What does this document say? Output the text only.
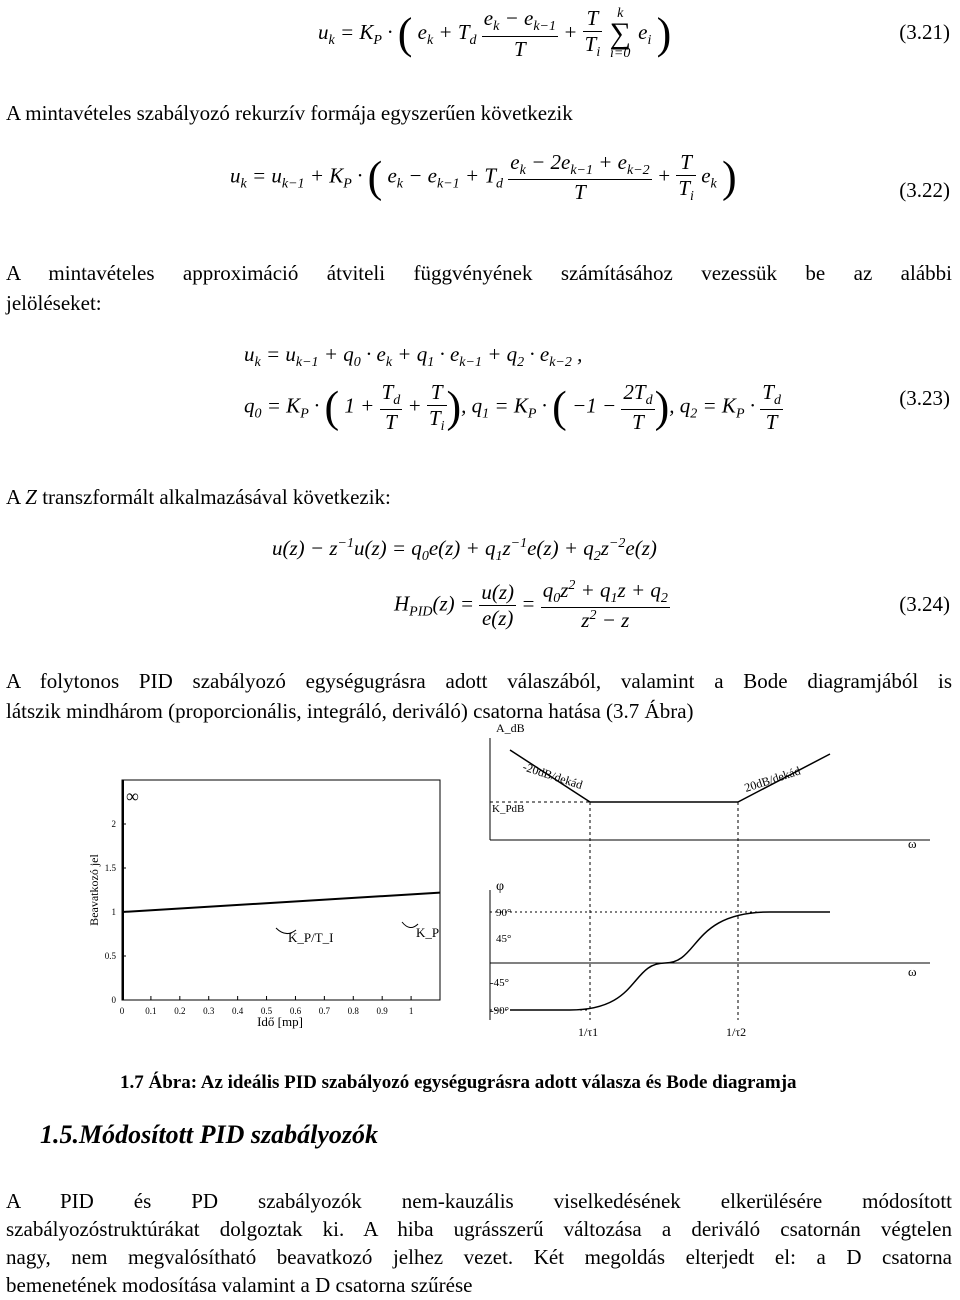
$u_k = K_P$ · ( $e_k + T_d \frac{e_k - e_{k-1}}{T} + \frac{T}{T_i}$
	k
∑
i=0
$e_i$ )	(3.21)
A mintavételes szabályozó rekurzív formája egyszerűen következik
$u_k = u_{k-1} + K_P$ · ( $e_k - e_{k-1} + T_d \frac{e_k - 2e_{k-1} + e_{k-2}}{T} + \frac{T}{T_i} e_k$ )	(3.22)
A mintavételes approximáció átviteli függvényének számításához vezessük be az alábbi
jelöléseket:
$u_k = u_{k-1} + q_0 \cdot e_k + q_1 \cdot e_{k-1} + q_2 \cdot e_{k-2}$ ,
$q_0 = K_P$ · ( $1 + \frac{T_d}{T} + \frac{T}{T_i}$ ), $q_1 = K_P$ · ( $-1 - \frac{2T_d}{T}$ ), $q_2 = K_P \cdot \frac{T_d}{T}$	(3.23)
A Z transzformált alkalmazásával következik:
$u(z) - z^{-1}u(z) = q_0e(z) + q_1z^{-1}e(z) + q_2z^{-2}e(z)$
$H_{PID}(z) = \frac{u(z)}{e(z)} = \frac{q_0z^2 + q_1z + q_2}{z^2 - z}$	(3.24)
A folytonos PID szabályozó egységugrásra adott válaszából, valamint a Bode diagramjából is
látszik mindhárom (proporcionális, integráló, deriváló) csatorna hatása (3.7 Ábra)
0 0.1 0.2 0.3 0.4 0.5 0.6 0.7 0.8 0.9 1
0
0.5
1
1.5
2
Beavatkozó jel
Idő [mp]
∞
K_P/T_I	K_P
A_dB
K_PdB
-20dB/dekád	20dB/dekád
ω
φ
90°
45°
-45°
-90°
ω
1/τ1	1/τ2
1.7 Ábra: Az ideális PID szabályozó egységugrásra adott válasza és Bode diagramja
1.5.Módosított PID szabályozók
A PID és PD szabályozók nem-kauzális viselkedésének elkerülésére módosított
szabályozóstruktúrákat dolgoztak ki. A hiba ugrásszerű változása a deriváló csatornán végtelen
nagy, nem megvalósítható beavatkozó jelhez vezet. Két megoldás elterjedt el: a D csatorna
bemenetének modosítása valamint a D csatorna szűrése
